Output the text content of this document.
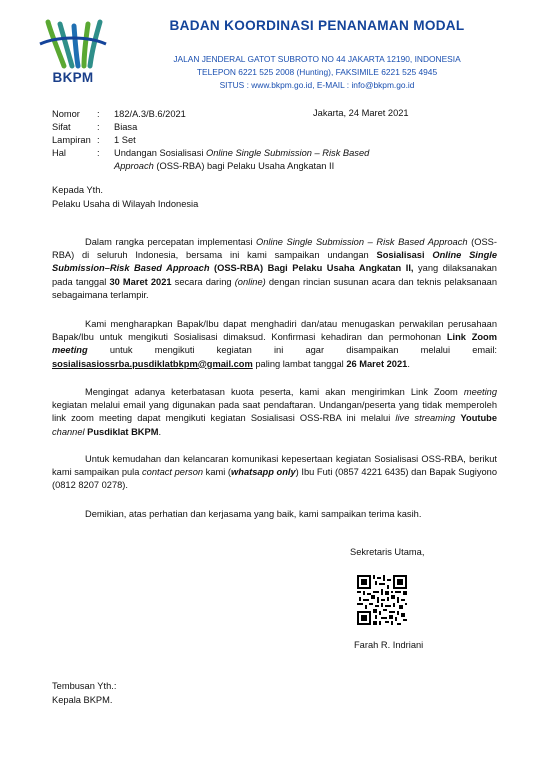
BKPM
BADAN KOORDINASI PENANAMAN MODAL
JALAN JENDERAL GATOT SUBROTO NO 44 JAKARTA 12190, INDONESIA
TELEPON 6221 525 2008 (Hunting), FAKSIMILE 6221 525 4945
SITUS : www.bkpm.go.id, E-MAIL : info@bkpm.go.id
Nomor	:	182/A.3/B.6/2021
Sifat	:	Biasa
Lampiran :	1 Set
Hal	:	Undangan Sosialisasi Online Single Submission – Risk Based
Approach (OSS-RBA) bagi Pelaku Usaha Angkatan II
Jakarta, 24 Maret 2021
Kepada Yth.
Pelaku Usaha di Wilayah Indonesia
Dalam rangka percepatan implementasi Online Single Submission – Risk Based Approach (OSS-RBA) di seluruh Indonesia, bersama ini kami sampaikan undangan Sosialisasi Online Single Submission–Risk Based Approach (OSS-RBA) Bagi Pelaku Usaha Angkatan II, yang dilaksanakan pada tanggal 30 Maret 2021 secara daring (online) dengan rincian susunan acara dan teknis pelaksanaan sebagaimana terlampir.
Kami mengharapkan Bapak/Ibu dapat menghadiri dan/atau menugaskan perwakilan perusahaan Bapak/Ibu untuk mengikuti Sosialisasi dimaksud. Konfirmasi kehadiran dan permohonan Link Zoom meeting untuk mengikuti kegiatan ini agar disampaikan melalui email: sosialisasiossrba.pusdiklatbkpm@gmail.com paling lambat tanggal 26 Maret 2021.
Mengingat adanya keterbatasan kuota peserta, kami akan mengirimkan Link Zoom meeting kegiatan melalui email yang digunakan pada saat pendaftaran. Undangan/peserta yang tidak memperoleh link zoom meeting dapat mengikuti kegiatan Sosialisasi OSS-RBA ini melalui live streaming Youtube channel Pusdiklat BKPM.
Untuk kemudahan dan kelancaran komunikasi kepesertaan kegiatan Sosialisasi OSS-RBA, berikut kami sampaikan pula contact person kami (whatsapp only) Ibu Futi (0857 4221 6435) dan Bapak Sugiyono (0812 8207 0278).
Demikian, atas perhatian dan kerjasama yang baik, kami sampaikan terima kasih.
Sekretaris Utama,
Farah R. Indriani
Tembusan Yth.:
Kepala BKPM.
